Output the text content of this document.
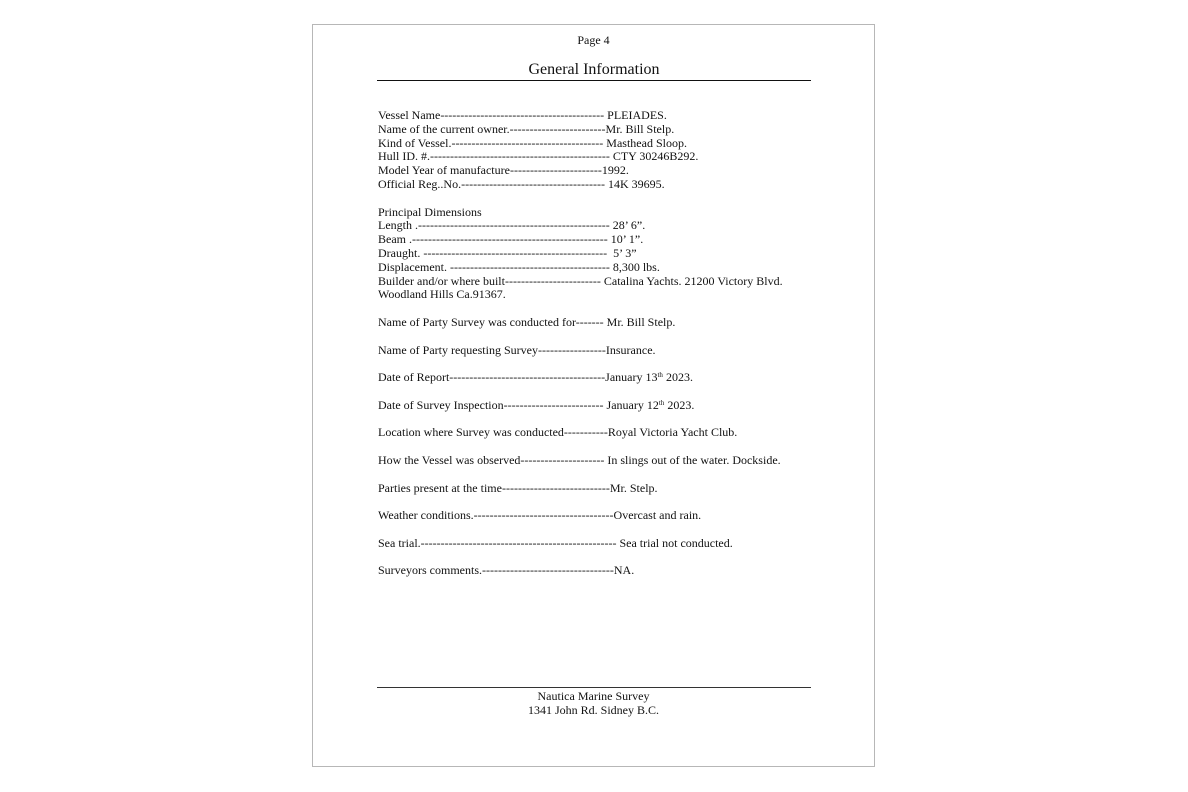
Page 4
General Information
Vessel Name----------------------------------------- PLEIADES.
Name of the current owner.------------------------Mr. Bill Stelp.
Kind of Vessel.-------------------------------------- Masthead Sloop.
Hull ID. #.--------------------------------------------- CTY 30246B292.
Model Year of manufacture-----------------------1992.
Official Reg..No.------------------------------------ 14K 39695.
Principal Dimensions
Length .------------------------------------------------ 28’ 6”.
Beam .------------------------------------------------- 10’ 1”.
Draught. ----------------------------------------------  5’ 3”
Displacement. ---------------------------------------- 8,300 lbs.
Builder and/or where built------------------------ Catalina Yachts. 21200 Victory Blvd.
Woodland Hills Ca.91367.
Name of Party Survey was conducted for------- Mr. Bill Stelp.
Name of Party requesting Survey-----------------Insurance.
Date of Report---------------------------------------January 13th 2023.
Date of Survey Inspection------------------------- January 12th 2023.
Location where Survey was conducted-----------Royal Victoria Yacht Club.
How the Vessel was observed--------------------- In slings out of the water. Dockside.
Parties present at the time---------------------------Mr. Stelp.
Weather conditions.-----------------------------------Overcast and rain.
Sea trial.------------------------------------------------- Sea trial not conducted.
Surveyors comments.---------------------------------NA.
Nautica Marine Survey
1341 John Rd. Sidney B.C.
